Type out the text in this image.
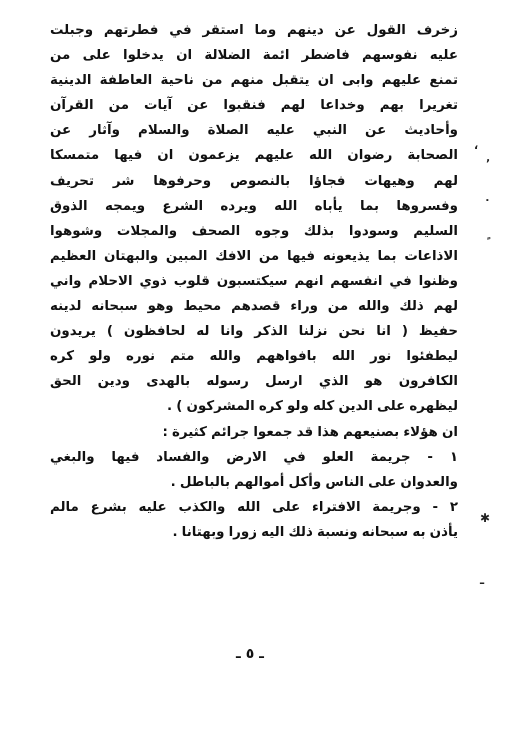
زخرف القول عن دينهم وما استقر في فطرتهم وجبلت
عليه نفوسهم فاضطر ائمة الضلالة ان يدخلوا على من
تمنع عليهم وابى ان يتقبل منهم من ناحية العاطفة الدينية
تغريرا بهم وخداعا لهم فنقبوا عن آيات من القرآن
وأحاديث عن النبي عليه الصلاة والسلام وآثار عن
الصحابة رضوان الله عليهم يزعمون ان فيها متمسكا
لهم وهيهات فجاؤا بالنصوص وحرفوها شر تحريف
وفسروها بما يأباه الله ويرده الشرع ويمجه الذوق
السليم وسودوا بذلك وجوه الصحف والمجلات وشوهوا
الاذاعات بما يذيعونه فيها من الافك المبين والبهتان العظيم
وظنوا في انفسهم انهم سيكتسبون قلوب ذوي الاحلام واني
لهم ذلك والله من وراء قصدهم محيط وهو سبحانه لدينه
حفيظ ( انا نحن نزلنا الذكر وانا له لحافظون ) يريدون
ليطفئوا نور الله بافواههم والله متم نوره ولو كره
الكافرون هو الذي ارسل رسوله بالهدى ودين الحق
ليظهره على الدين كله ولو كره المشركون ) .
ان هؤلاء بصنيعهم هذا قد جمعوا جرائم كثيرة :
١ - جريمة العلو في الارض والفساد فيها والبغي
والعدوان على الناس وأكل أموالهم بالباطل .
٢ - وجريمة الافتراء على الله والكذب عليه بشرع مالم
يأذن به سبحانه ونسبة ذلك اليه زورا وبهتانا .
،
٬
٠
✱
ـ
ـ ٥ ـ
